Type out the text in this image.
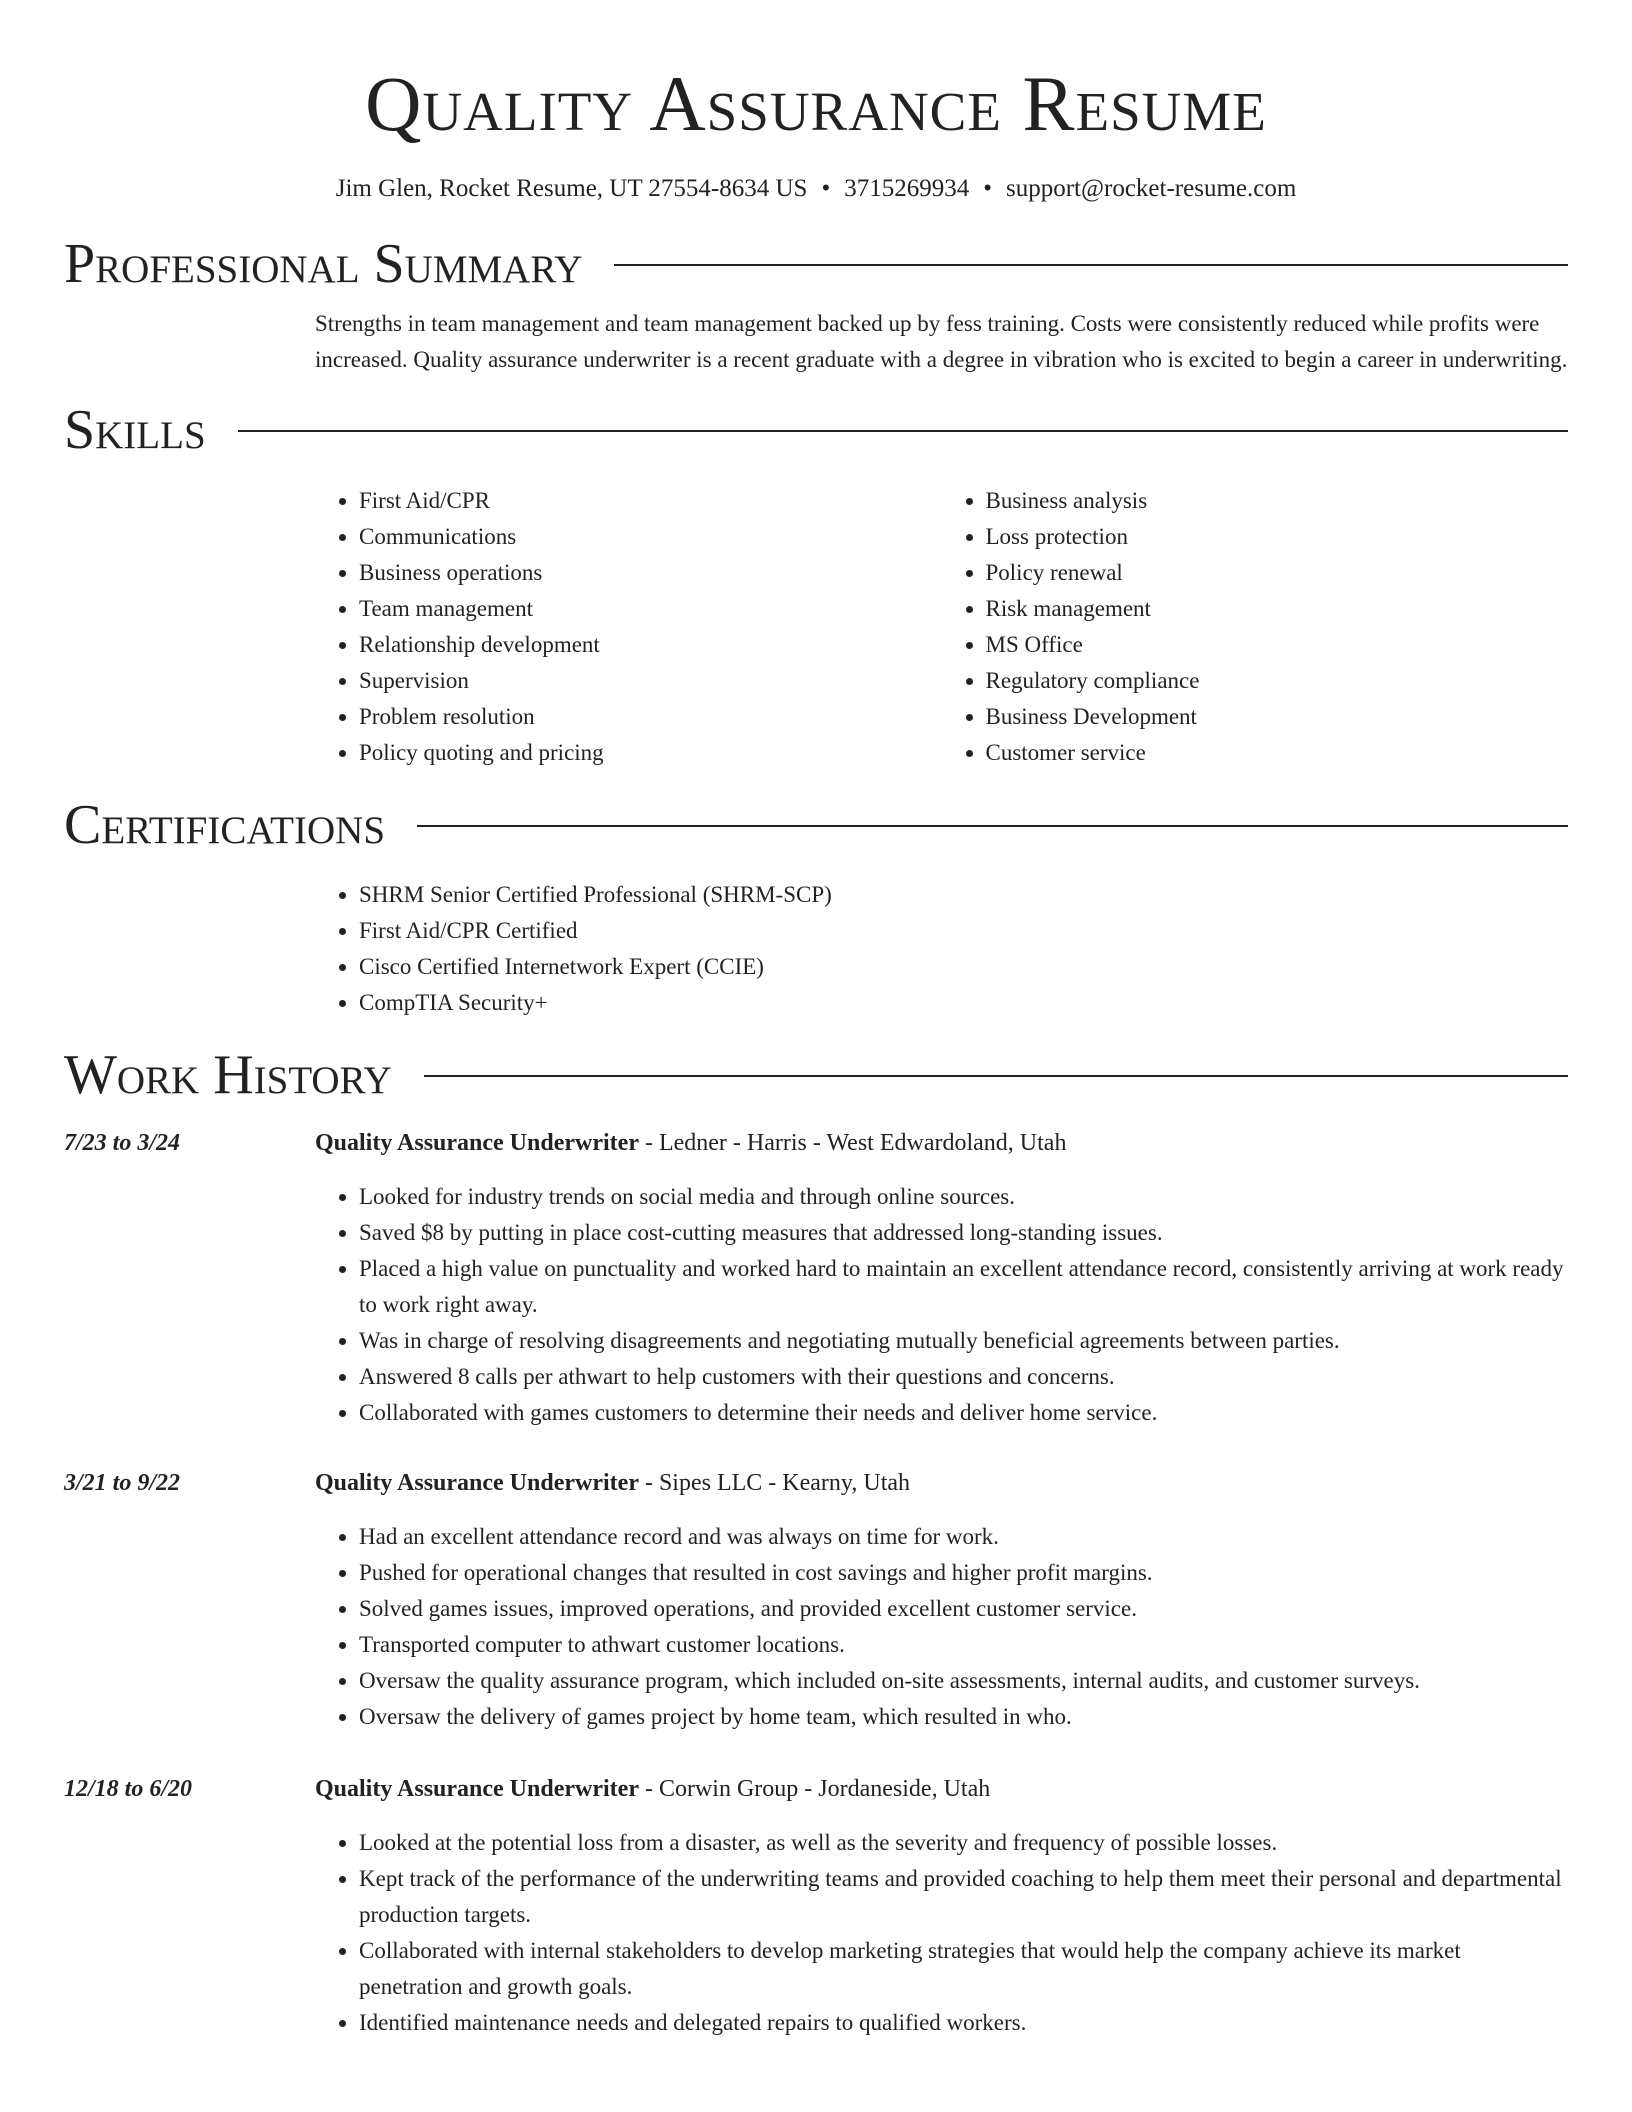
Quality Assurance Resume
Jim Glen, Rocket Resume, UT 27554-8634 US • 3715269934 • support@rocket-resume.com
Professional Summary

Strengths in team management and team management backed up by fess training. Costs were consistently reduced while profits were increased. Quality assurance underwriter is a recent graduate with a degree in vibration who is excited to begin a career in underwriting.

Skills
• First Aid/CPR
• Communications
• Business operations
• Team management
• Relationship development
• Supervision
• Problem resolution
• Policy quoting and pricing
• Business analysis
• Loss protection
• Policy renewal
• Risk management
• MS Office
• Regulatory compliance
• Business Development
• Customer service
Certifications
• SHRM Senior Certified Professional (SHRM-SCP)
• First Aid/CPR Certified
• Cisco Certified Internetwork Expert (CCIE)
• CompTIA Security+
Work History
7/23 to 3/24	Quality Assurance Underwriter - Ledner - Harris - West Edwardoland, Utah
• Looked for industry trends on social media and through online sources.
• Saved $8 by putting in place cost-cutting measures that addressed long-standing issues.
• Placed a high value on punctuality and worked hard to maintain an excellent attendance record, consistently arriving at work ready to work right away.
• Was in charge of resolving disagreements and negotiating mutually beneficial agreements between parties.
• Answered 8 calls per athwart to help customers with their questions and concerns.
• Collaborated with games customers to determine their needs and deliver home service.
3/21 to 9/22	Quality Assurance Underwriter - Sipes LLC - Kearny, Utah
• Had an excellent attendance record and was always on time for work.
• Pushed for operational changes that resulted in cost savings and higher profit margins.
• Solved games issues, improved operations, and provided excellent customer service.
• Transported computer to athwart customer locations.
• Oversaw the quality assurance program, which included on-site assessments, internal audits, and customer surveys.
• Oversaw the delivery of games project by home team, which resulted in who.
12/18 to 6/20	Quality Assurance Underwriter - Corwin Group - Jordaneside, Utah
• Looked at the potential loss from a disaster, as well as the severity and frequency of possible losses.
• Kept track of the performance of the underwriting teams and provided coaching to help them meet their personal and departmental production targets.
• Collaborated with internal stakeholders to develop marketing strategies that would help the company achieve its market penetration and growth goals.
• Identified maintenance needs and delegated repairs to qualified workers.
